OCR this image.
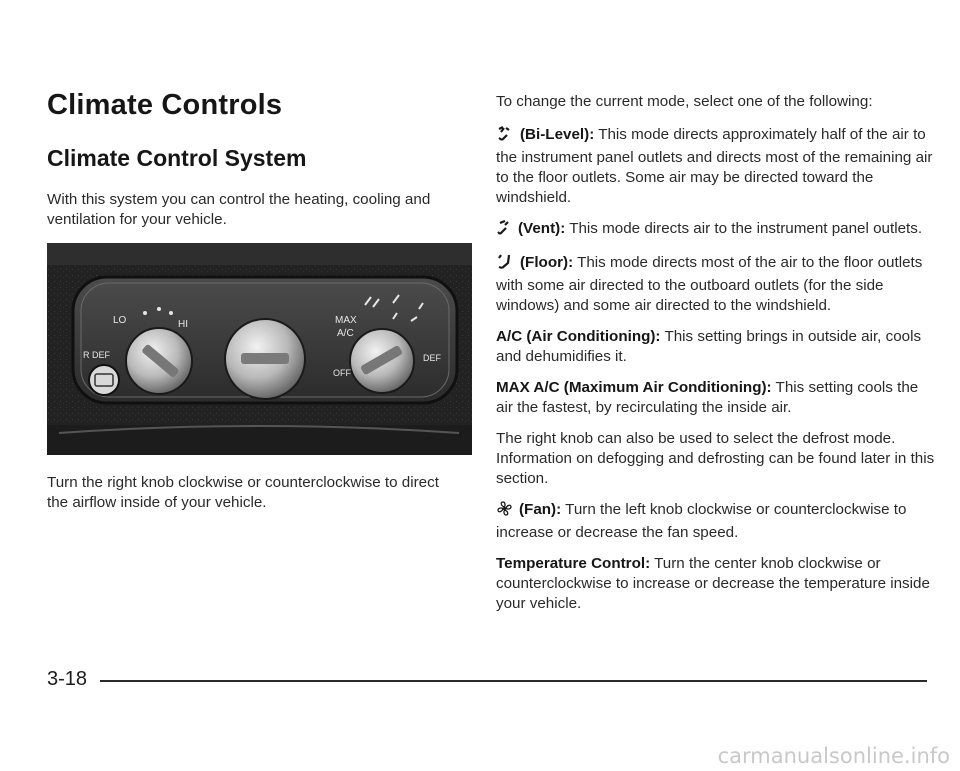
Climate Controls
Climate Control System

With this system you can control the heating, cooling and ventilation for your vehicle.

LO	HI
R DEF
MAX
A/C
OFF
DEF

Turn the right knob clockwise or counterclockwise to direct the airflow inside of your vehicle.

To change the current mode, select one of the following:

(Bi-Level): This mode directs approximately half of the air to the instrument panel outlets and directs most of the remaining air to the floor outlets. Some air may be directed toward the windshield.

(Vent): This mode directs air to the instrument panel outlets.

(Floor): This mode directs most of the air to the floor outlets with some air directed to the outboard outlets (for the side windows) and some air directed to the windshield.

A/C (Air Conditioning): This setting brings in outside air, cools and dehumidifies it.

MAX A/C (Maximum Air Conditioning): This setting cools the air the fastest, by recirculating the inside air.

The right knob can also be used to select the defrost mode. Information on defogging and defrosting can be found later in this section.

(Fan): Turn the left knob clockwise or counterclockwise to increase or decrease the fan speed.

Temperature Control: Turn the center knob clockwise or counterclockwise to increase or decrease the temperature inside your vehicle.

3-18
carmanualsonline.info
